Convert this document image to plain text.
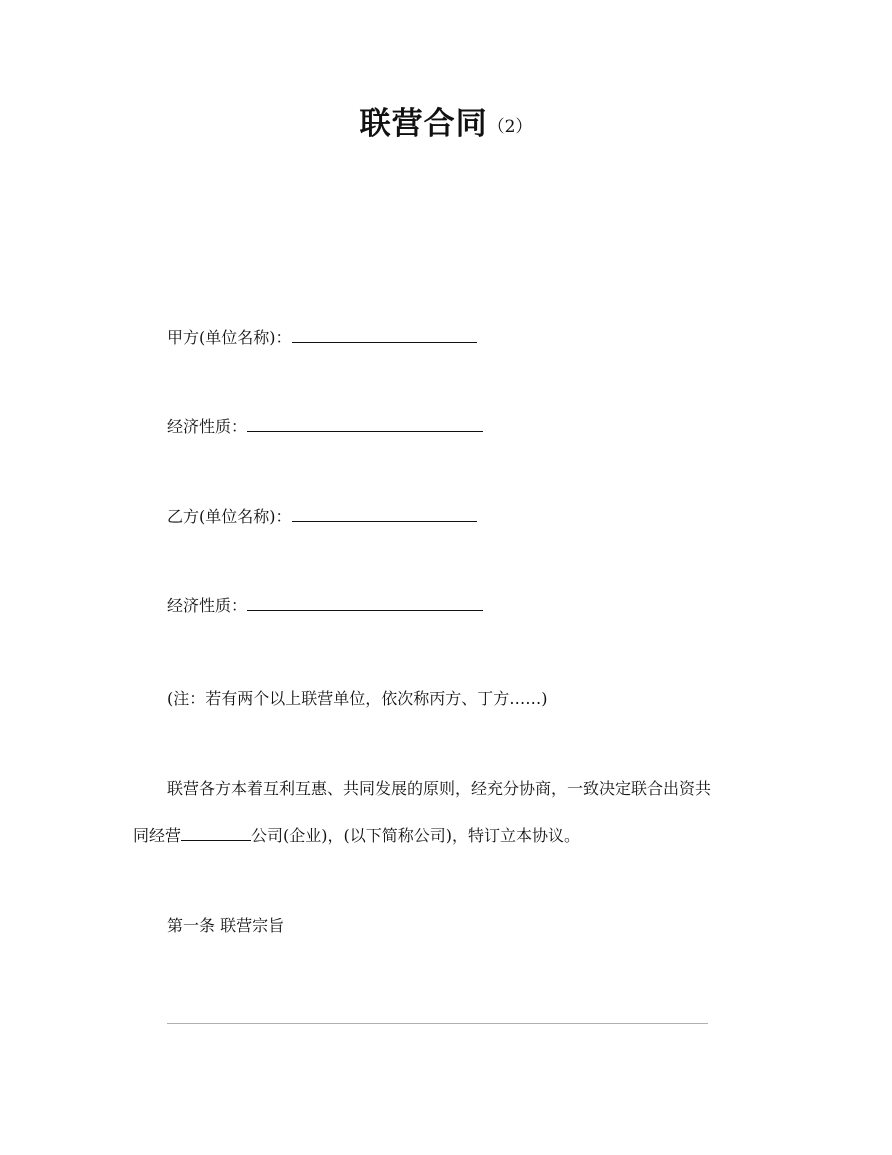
联营合同（2）
甲方(单位名称)：
经济性质：
乙方(单位名称)：
经济性质：
(注：若有两个以上联营单位，依次称丙方、丁方……)
联营各方本着互利互惠、共同发展的原则，经充分协商，一致决定联合出资共
同经营	公司(企业)，(以下简称公司)，特订立本协议。
第一条 联营宗旨
